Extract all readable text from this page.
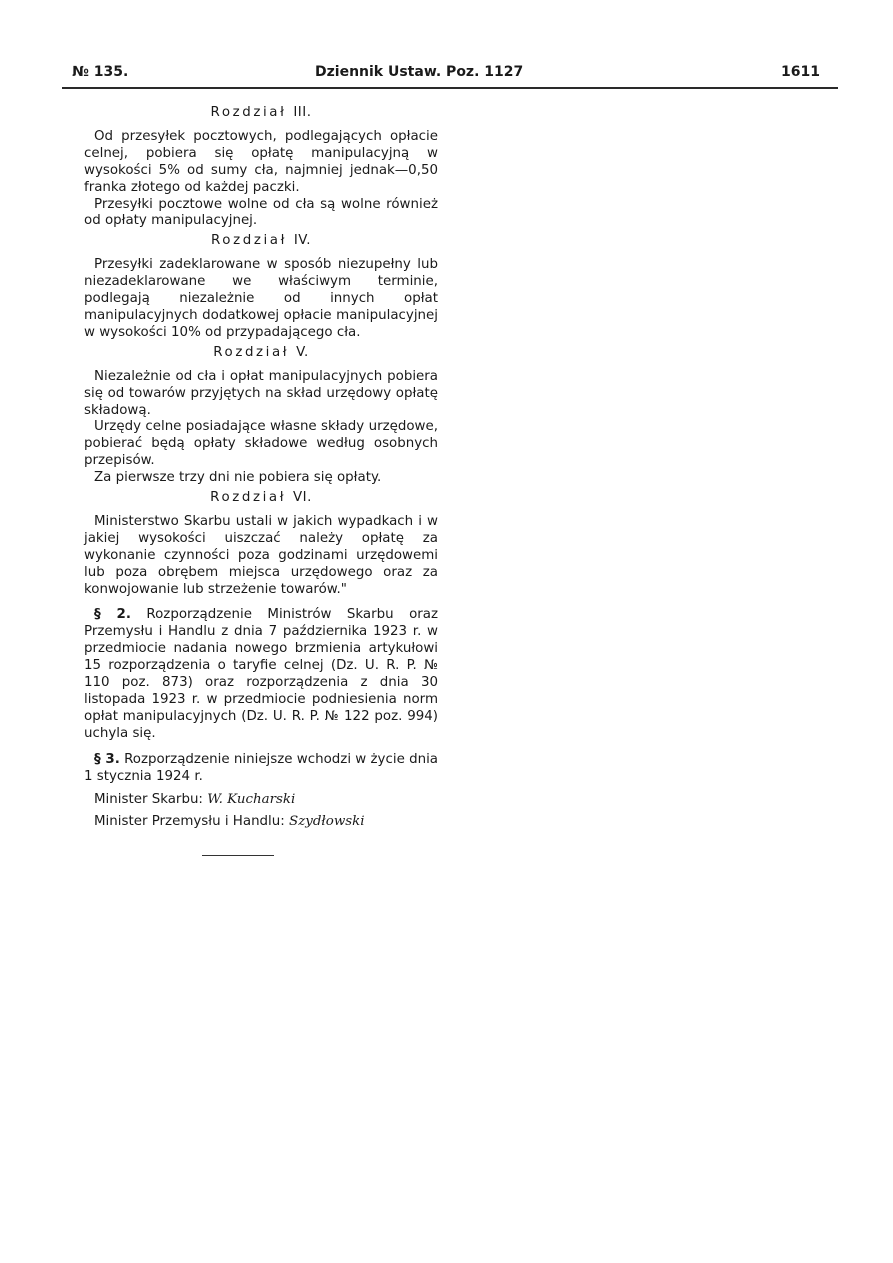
№ 135.	Dziennik Ustaw. Poz. 1127	1611
Rozdział III.

Od przesyłek pocztowych, podlegających opłacie celnej, pobiera się opłatę manipulacyjną w wysokości 5% od sumy cła, najmniej jednak—0,50 franka złotego od każdej paczki.

Przesyłki pocztowe wolne od cła są wolne również od opłaty manipulacyjnej.

Rozdział IV.

Przesyłki zadeklarowane w sposób niezupełny lub niezadeklarowane we właściwym terminie, podlegają niezależnie od innych opłat manipulacyjnych dodatkowej opłacie manipulacyjnej w wysokości 10% od przypadającego cła.

Rozdział V.

Niezależnie od cła i opłat manipulacyjnych pobiera się od towarów przyjętych na skład urzędowy opłatę składową.

Urzędy celne posiadające własne składy urzędowe, pobierać będą opłaty składowe według osobnych przepisów.

Za pierwsze trzy dni nie pobiera się opłaty.

Rozdział VI.

Ministerstwo Skarbu ustali w jakich wypadkach i w jakiej wysokości uiszczać należy opłatę za wykonanie czynności poza godzinami urzędowemi lub poza obrębem miejsca urzędowego oraz za konwojowanie lub strzeżenie towarów."

§ 2. Rozporządzenie Ministrów Skarbu oraz Przemysłu i Handlu z dnia 7 października 1923 r. w przedmiocie nadania nowego brzmienia artykułowi 15 rozporządzenia o taryfie celnej (Dz. U. R. P. № 110 poz. 873) oraz rozporządzenia z dnia 30 listopada 1923 r. w przedmiocie podniesienia norm opłat manipulacyjnych (Dz. U. R. P. № 122 poz. 994) uchyla się.

§ 3. Rozporządzenie niniejsze wchodzi w życie dnia 1 stycznia 1924 r.

Minister Skarbu: W. Kucharski

Minister Przemysłu i Handlu: Szydłowski
